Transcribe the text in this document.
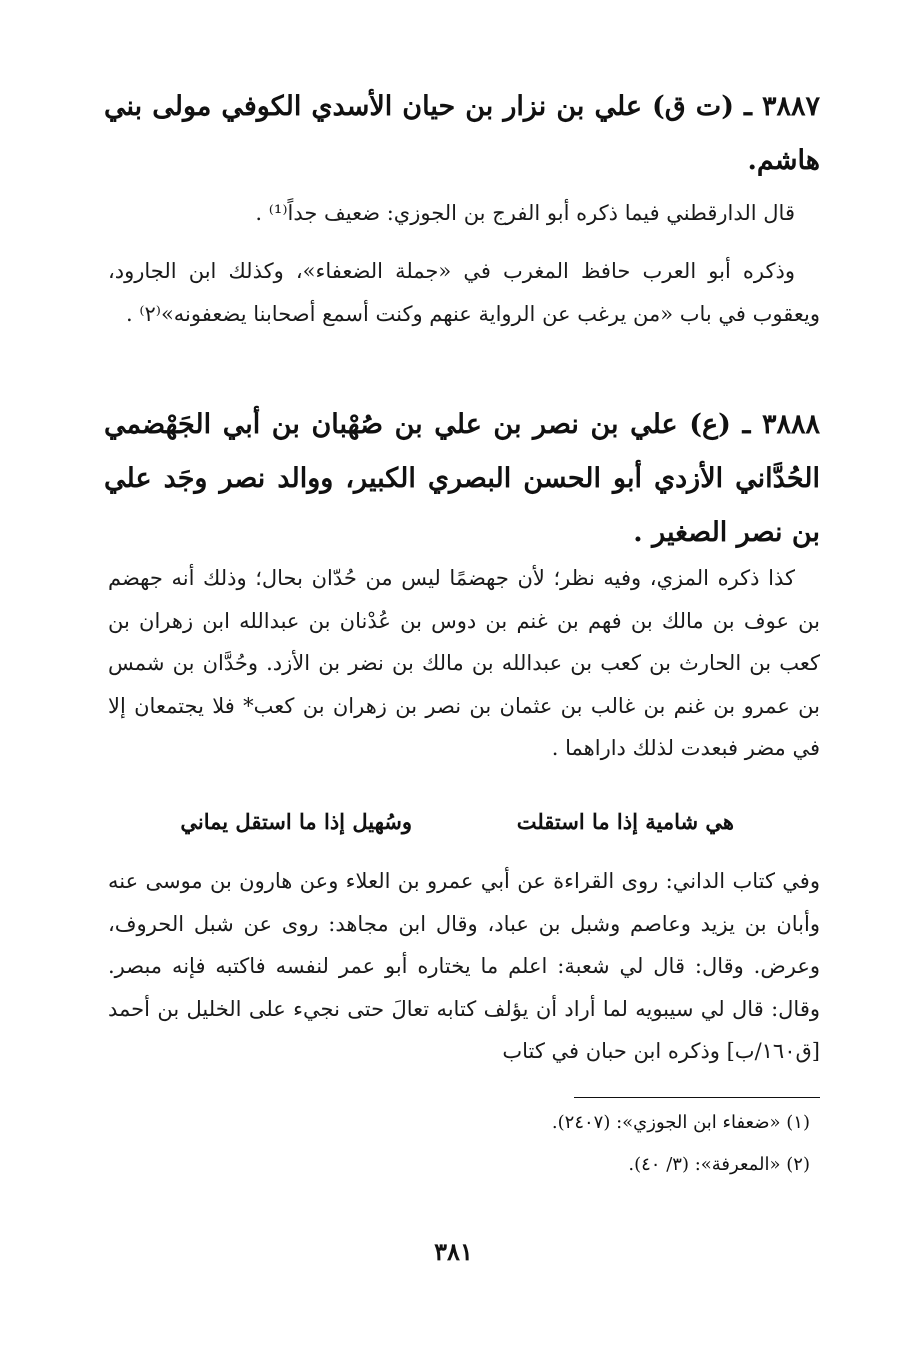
٣٨٨٧ ـ (ت ق) علي بن نزار بن حيان الأسدي الكوفي مولى بني هاشم.

قال الدارقطني فيما ذكره أبو الفرج بن الجوزي: ضعيف جداً⁽¹⁾ .

وذكره أبو العرب حافظ المغرب في «جملة الضعفاء»، وكذلك ابن الجارود، ويعقوب في باب «من يرغب عن الرواية عنهم وكنت أسمع أصحابنا يضعفونه»⁽٢⁾ .

٣٨٨٨ ـ (ع) علي بن نصر بن علي بن صُهْبان بن أبي الجَهْضمي الحُدَّاني الأزدي أبو الحسن البصري الكبير، ووالد نصر وجَد علي بن نصر الصغير .

كذا ذكره المزي، وفيه نظر؛ لأن جهضمًا ليس من حُدّان بحال؛ وذلك أنه جهضم بن عوف بن مالك بن فهم بن غنم بن دوس بن عُدْنان بن عبدالله ابن زهران بن كعب بن الحارث بن كعب بن عبدالله بن مالك بن نضر بن الأزد. وحُدَّان بن شمس بن عمرو بن غنم بن غالب بن عثمان بن نصر بن زهران بن كعب* فلا يجتمعان إلا في مضر فبعدت لذلك داراهما .

هي شامية إذا ما استقلت
وسُهيل إذا ما استقل يماني

وفي كتاب الداني: روى القراءة عن أبي عمرو بن العلاء وعن هارون بن موسى عنه وأبان بن يزيد وعاصم وشبل بن عباد، وقال ابن مجاهد: روى عن شبل الحروف، وعرض. وقال: قال لي شعبة: اعلم ما يختاره أبو عمر لنفسه فاكتبه فإنه مبصر. وقال: قال لي سيبويه لما أراد أن يؤلف كتابه تعالَ حتى نجيء على الخليل بن أحمد [ق١٦٠/ب] وذكره ابن حبان في كتاب

(١) «ضعفاء ابن الجوزي»: (٢٤٠٧).
(٢) «المعرفة»: (٣/ ٤٠).
٣٨١
